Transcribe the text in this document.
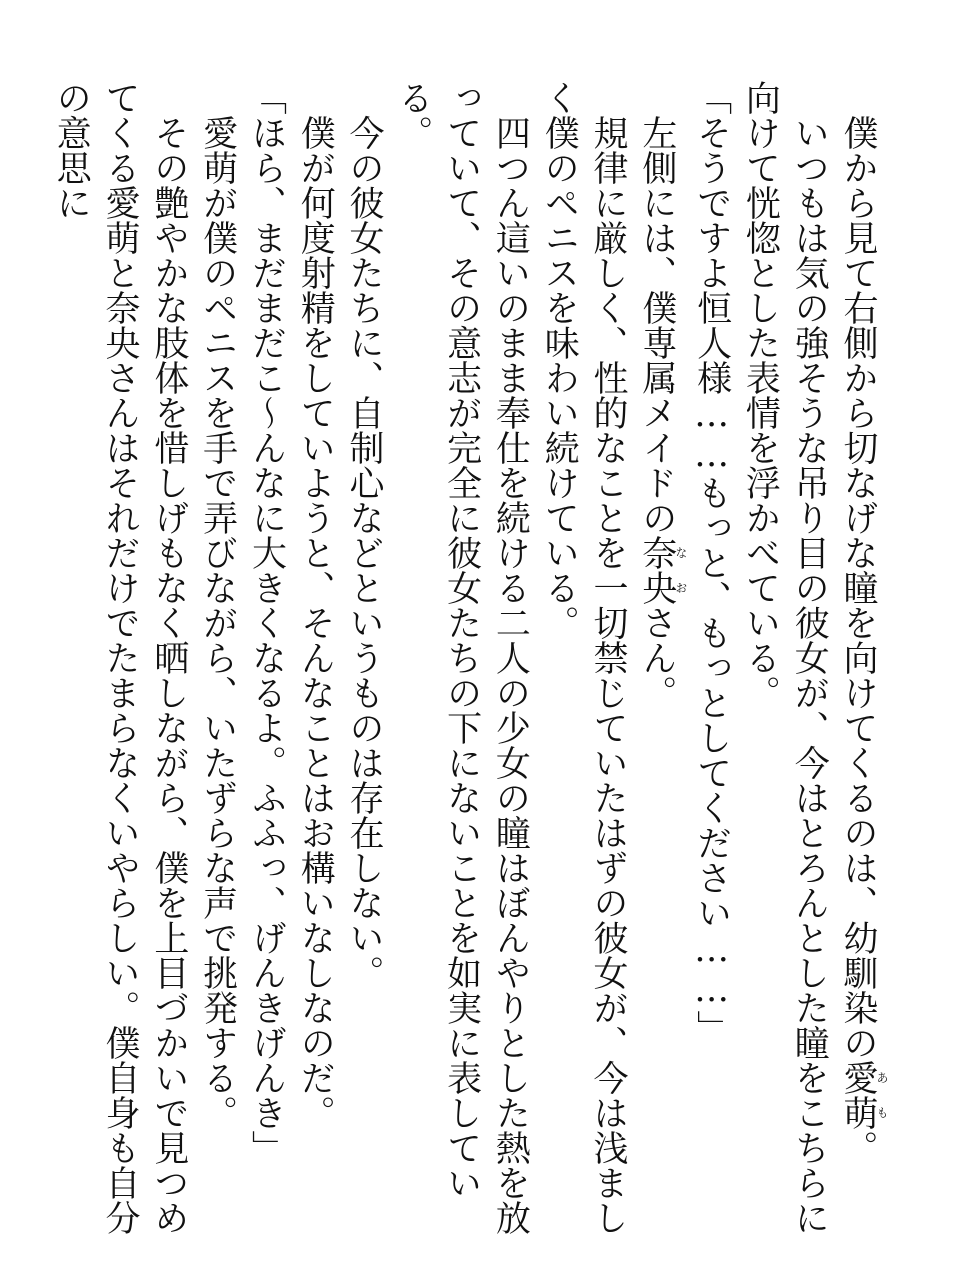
僕から見て右側から切なげな瞳を向けてくるのは、幼馴染の愛萌あも。

いつもは気の強そうな吊り目の彼女が、今はとろんとした瞳をこちらに向けて恍惚とした表情を浮かべている。

「そうですよ恒人様……もっと、もっとしてください……」

左側には、僕専属メイドの奈央なおさん。

規律に厳しく、性的なことを一切禁じていたはずの彼女が、今は浅ましく僕のペニスを味わい続けている。

四つん這いのまま奉仕を続ける二人の少女の瞳はぼんやりとした熱を放っていて、その意志が完全に彼女たちの下にないことを如実に表している。

今の彼女たちに、自制心などというものは存在しない。

僕が何度射精をしていようと、そんなことはお構いなしなのだ。

「ほら、まだまだこ～んなに大きくなるよ。ふふっ、げんきげんき」

愛萌が僕のペニスを手で弄びながら、いたずらな声で挑発する。

その艶やかな肢体を惜しげもなく晒しながら、僕を上目づかいで見つめてくる愛萌と奈央さんはそれだけでたまらなくいやらしい。僕自身も自分の意思に
